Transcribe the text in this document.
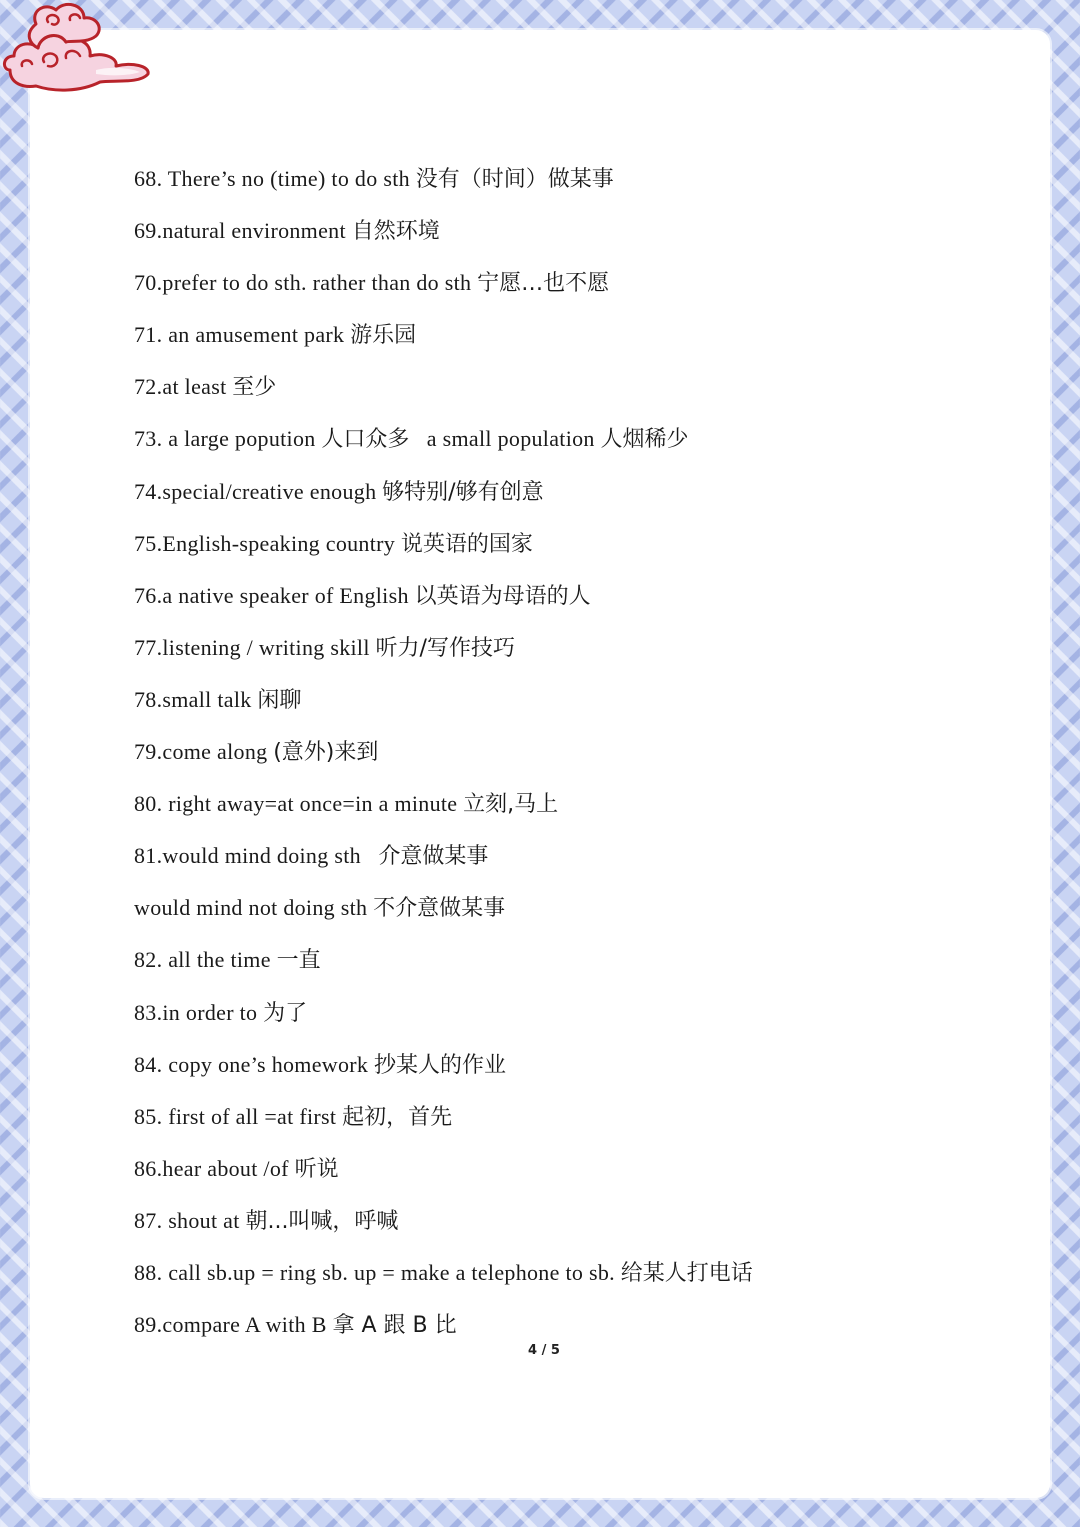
68. There’s no (time) to do sth 没有（时间）做某事
69.natural environment 自然环境
70.prefer to do sth. rather than do sth 宁愿…也不愿
71. an amusement park 游乐园
72.at least 至少
73. a large popution 人口众多   a small population 人烟稀少
74.special/creative enough 够特别/够有创意
75.English-speaking country 说英语的国家
76.a native speaker of English 以英语为母语的人
77.listening / writing skill 听力/写作技巧
78.small talk 闲聊
79.come along (意外)来到
80. right away=at once=in a minute 立刻,马上
81.would mind doing sth   介意做某事
would mind not doing sth 不介意做某事
82. all the time 一直
83.in order to 为了
84. copy one’s homework 抄某人的作业
85. first of all =at first 起初，首先
86.hear about /of 听说
87. shout at 朝...叫喊，呼喊
88. call sb.up = ring sb. up = make a telephone to sb. 给某人打电话
89.compare A with B 拿 A 跟 B 比
4 / 5
